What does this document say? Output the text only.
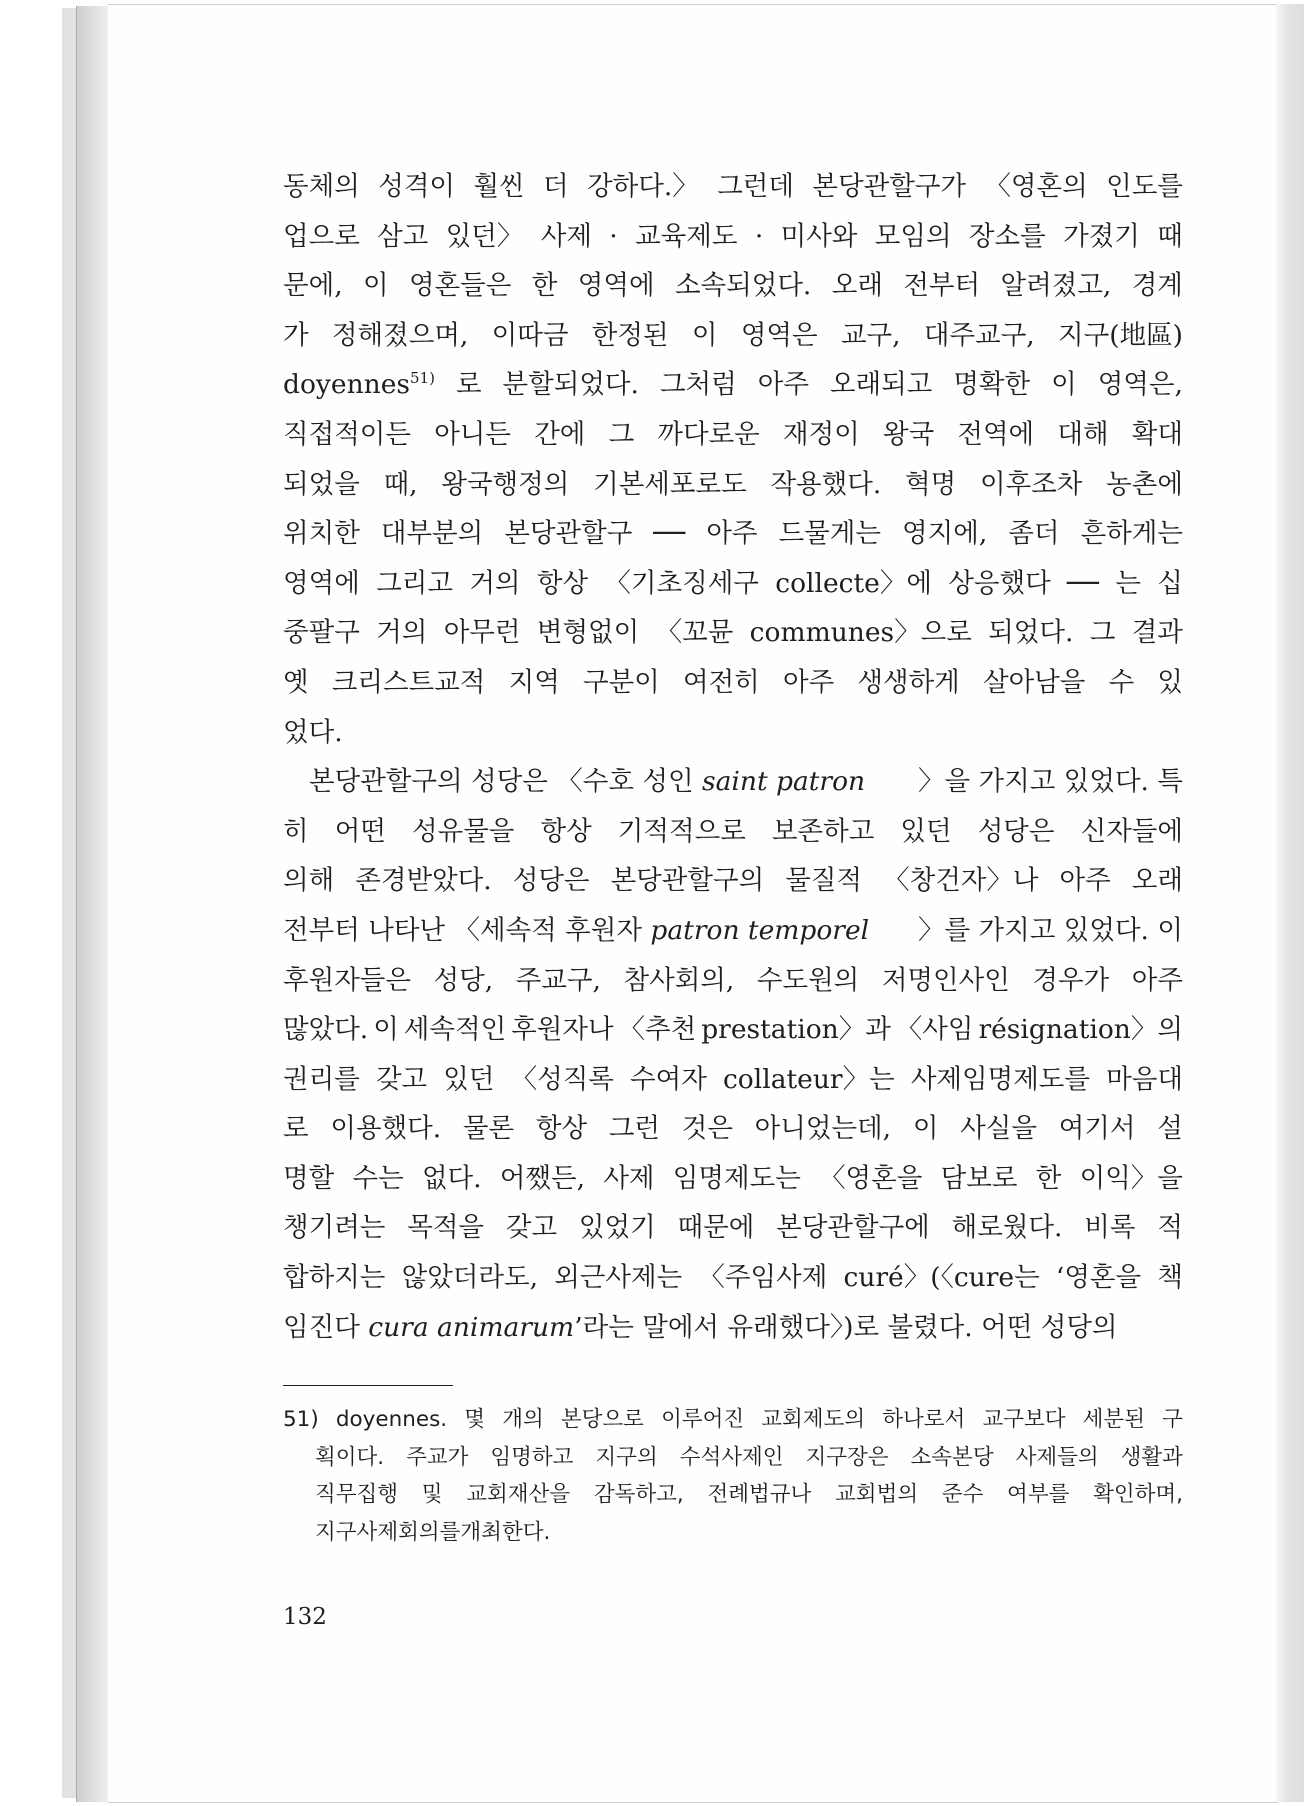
동체의 성격이 훨씬 더 강하다.〉 그런데 본당관할구가 〈영혼의 인도를
업으로 삼고 있던〉 사제 · 교육제도 · 미사와 모임의 장소를 가졌기 때
문에, 이 영혼들은 한 영역에 소속되었다. 오래 전부터 알려졌고, 경계
가 정해졌으며, 이따금 한정된 이 영역은 교구, 대주교구, 지구(地區)
doyennes$^{51)}$ 로 분할되었다. 그처럼 아주 오래되고 명확한 이 영역은,
직접적이든 아니든 간에 그 까다로운 재정이 왕국 전역에 대해 확대
되었을 때, 왕국행정의 기본세포로도 작용했다. 혁명 이후조차 농촌에
위치한 대부분의 본당관할구 ── 아주 드물게는 영지에, 좀더 흔하게는
영역에 그리고 거의 항상 〈기초징세구 collecte〉에 상응했다 ── 는 십
중팔구 거의 아무런 변형없이 〈꼬뮨 communes〉으로 되었다. 그 결과
옛 크리스트교적 지역 구분이 여전히 아주 생생하게 살아남을 수 있
었다.
본당관할구의 성당은 〈수호 성인 saint patron 〉을 가지고 있었다. 특
히 어떤 성유물을 항상 기적적으로 보존하고 있던 성당은 신자들에
의해 존경받았다. 성당은 본당관할구의 물질적 〈창건자〉나 아주 오래
전부터 나타난 〈세속적 후원자 patron temporel 〉를 가지고 있었다. 이
후원자들은 성당, 주교구, 참사회의, 수도원의 저명인사인 경우가 아주
많았다. 이 세속적인 후원자나 〈추천 prestation〉과 〈사임 résignation〉의
권리를 갖고 있던 〈성직록 수여자 collateur〉는 사제임명제도를 마음대
로 이용했다. 물론 항상 그런 것은 아니었는데, 이 사실을 여기서 설
명할 수는 없다. 어쨌든, 사제 임명제도는 〈영혼을 담보로 한 이익〉을
챙기려는 목적을 갖고 있었기 때문에 본당관할구에 해로웠다. 비록 적
합하지는 않았더라도, 외근사제는 〈주임사제 curé〉(〈cure는 ‘영혼을 책
임진다 cura animarum’라는 말에서 유래했다〉)로 불렸다. 어떤 성당의
51) doyennes. 몇 개의 본당으로 이루어진 교회제도의 하나로서 교구보다 세분된 구
획이다. 주교가 임명하고 지구의 수석사제인 지구장은 소속본당 사제들의 생활과
직무집행 및 교회재산을 감독하고, 전례법규나 교회법의 준수 여부를 확인하며,
지구 사제회의를 개최한다.
132
